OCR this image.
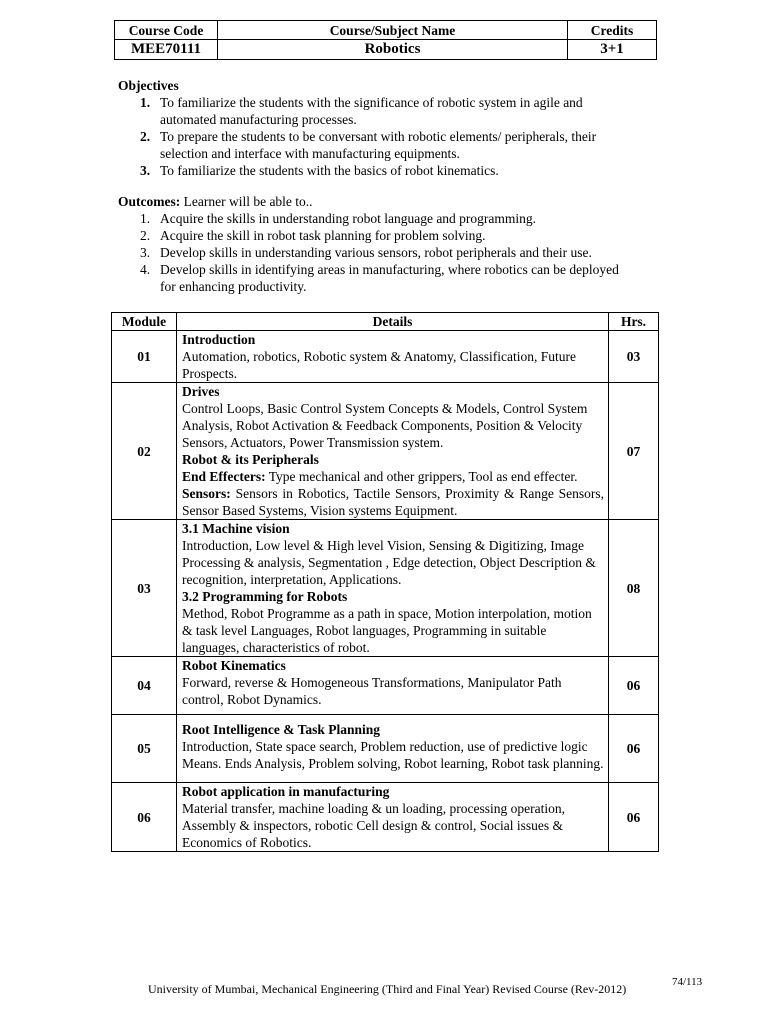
Course Code	Course/Subject Name	Credits
MEE70111	Robotics	3+1
Objectives
1. To familiarize the students with the significance of robotic system in agile and
automated manufacturing processes.
2. To prepare the students to be conversant with robotic elements/ peripherals, their
selection and interface with manufacturing equipments.
3. To familiarize the students with the basics of robot kinematics.
Outcomes: Learner will be able to..
1. Acquire the skills in understanding robot language and programming.
2. Acquire the skill in robot task planning for problem solving.
3. Develop skills in understanding various sensors, robot peripherals and their use.
4. Develop skills in identifying areas in manufacturing, where robotics can be deployed
for enhancing productivity.
Module	Details	Hrs.
01	Introduction
Automation, robotics, Robotic system & Anatomy, Classification, Future Prospects.	03
02	Drives
Control Loops, Basic Control System Concepts & Models, Control System Analysis, Robot Activation & Feedback Components, Position & Velocity Sensors, Actuators, Power Transmission system.
Robot & its Peripherals
End Effecters: Type mechanical and other grippers, Tool as end effecter.
Sensors: Sensors in Robotics, Tactile Sensors, Proximity & Range Sensors, Sensor Based Systems, Vision systems Equipment.	07
03	3.1 Machine vision
Introduction, Low level & High level Vision, Sensing & Digitizing, Image Processing & analysis, Segmentation , Edge detection, Object Description & recognition, interpretation, Applications.
3.2 Programming for Robots
Method, Robot Programme as a path in space, Motion interpolation, motion & task level Languages, Robot languages, Programming in suitable languages, characteristics of robot.	08
04	Robot Kinematics
Forward, reverse & Homogeneous Transformations, Manipulator Path control, Robot Dynamics.	06
05	Root Intelligence & Task Planning
Introduction, State space search, Problem reduction, use of predictive logic Means. Ends Analysis, Problem solving, Robot learning, Robot task planning.	06
06	Robot application in manufacturing
Material transfer, machine loading & un loading, processing operation, Assembly & inspectors, robotic Cell design & control, Social issues & Economics of Robotics.	06
University of Mumbai, Mechanical Engineering (Third and Final Year) Revised Course (Rev-2012)	74/113
